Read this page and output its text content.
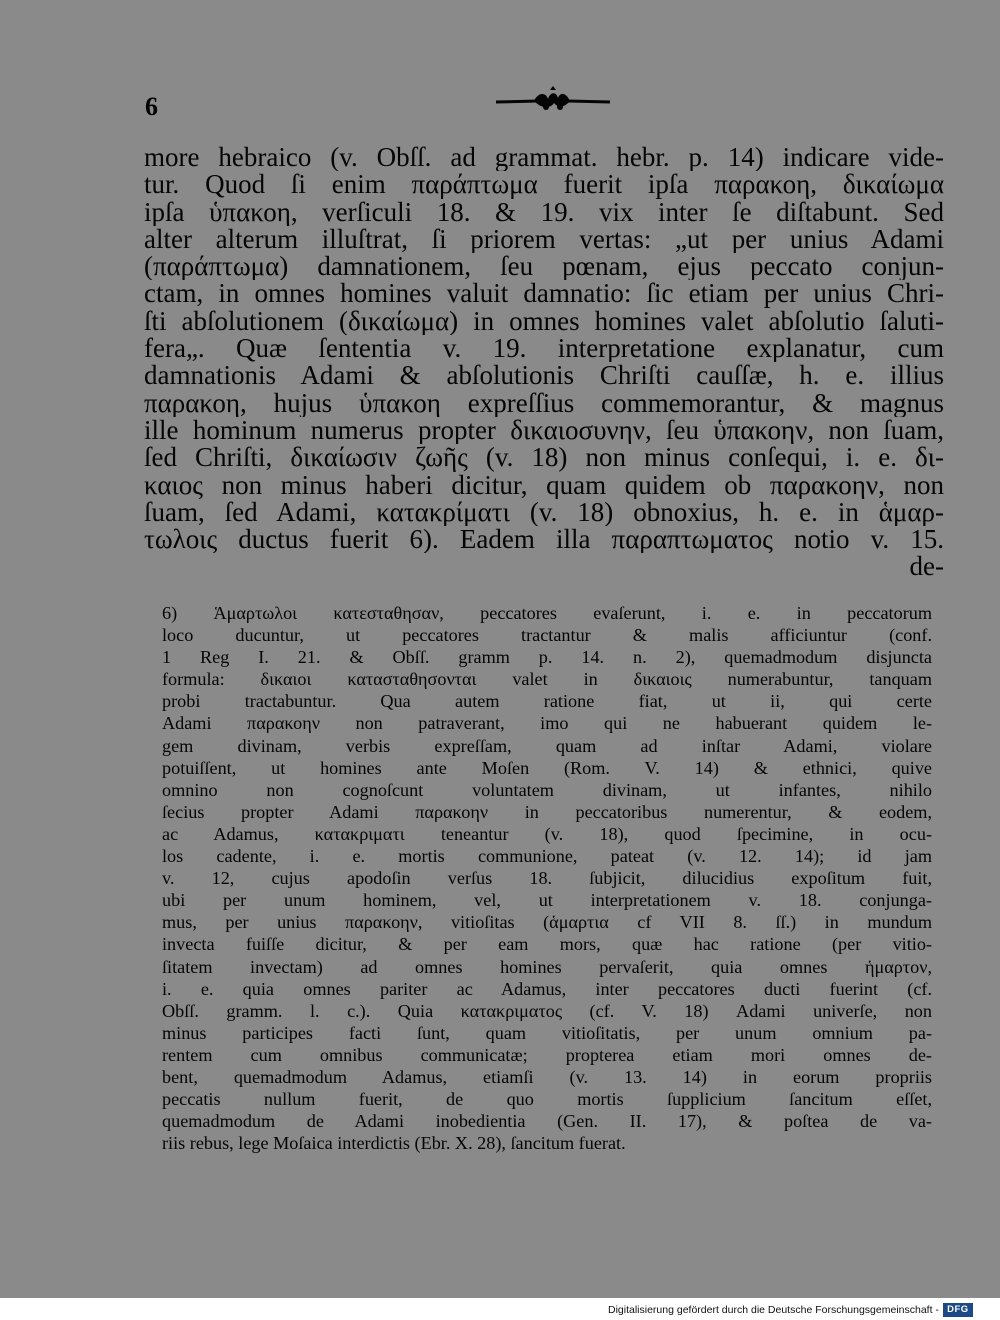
6
more hebraico (v. Obſſ. ad grammat. hebr. p. 14) indicare vide-
tur. Quod ſi enim παράπτωμα fuerit ipſa παρακοη, δικαίωμα
ipſa ὑπακοη, verſiculi 18. & 19. vix inter ſe diſtabunt. Sed
alter alterum illuſtrat, ſi priorem vertas: „ut per unius Adami
(παράπτωμα) damnationem, ſeu pœnam, ejus peccato conjun-
ctam, in omnes homines valuit damnatio: ſic etiam per unius Chri-
ſti abſolutionem (δικαίωμα) in omnes homines valet abſolutio ſaluti-
fera„. Quæ ſententia v. 19. interpretatione explanatur, cum
damnationis Adami & abſolutionis Chriſti cauſſæ, h. e. illius
παρακοη, hujus ὑπακοη expreſſius commemorantur, & magnus
ille hominum numerus propter δικαιοσυνην, ſeu ὑπακοην, non ſuam,
ſed Chriſti, δικαίωσιν ζωῆς (v. 18) non minus conſequi, i. e. δι-
καιος non minus haberi dicitur, quam quidem ob παρακοην, non
ſuam, ſed Adami, κατακρίματι (v. 18) obnoxius, h. e. in ἁμαρ-
τωλοις ductus fuerit 6). Eadem illa παραπτωματος notio v. 15.
de-
6) Ἁμαρτωλοι κατεσταθησαν, peccatores evaſerunt, i. e. in peccatorum
loco ducuntur, ut peccatores tractantur & malis afficiuntur (conf.
1 Reg I. 21. & Obſſ. gramm p. 14. n. 2), quemadmodum disjuncta
formula: δικαιοι κατασταθησονται valet in δικαιοις numerabuntur, tanquam
probi tractabuntur. Qua autem ratione fiat, ut ii, qui certe
Adami παρακοην non patraverant, imo qui ne habuerant quidem le-
gem divinam, verbis expreſſam, quam ad inſtar Adami, violare
potuiſſent, ut homines ante Moſen (Rom. V. 14) & ethnici, quive
omnino non cognoſcunt voluntatem divinam, ut infantes, nihilo
ſecius propter Adami παρακοην in peccatoribus numerentur, & eodem,
ac Adamus, κατακριματι teneantur (v. 18), quod ſpecimine, in ocu-
los cadente, i. e. mortis communione, pateat (v. 12. 14); id jam
v. 12, cujus apodoſin verſus 18. ſubjicit, dilucidius expoſitum fuit,
ubi per unum hominem, vel, ut interpretationem v. 18. conjunga-
mus, per unius παρακοην, vitioſitas (ἁμαρτια cf VII 8. ſſ.) in mundum
invecta fuiſſe dicitur, & per eam mors, quæ hac ratione (per vitio-
ſitatem invectam) ad omnes homines pervaſerit, quia omnes ἡμαρτον,
i. e. quia omnes pariter ac Adamus, inter peccatores ducti fuerint (cf.
Obſſ. gramm. l. c.). Quia κατακριματος (cf. V. 18) Adami univerſe, non
minus participes facti ſunt, quam vitioſitatis, per unum omnium pa-
rentem cum omnibus communicatæ; propterea etiam mori omnes de-
bent, quemadmodum Adamus, etiamſi (v. 13. 14) in eorum propriis
peccatis nullum fuerit, de quo mortis ſupplicium ſancitum eſſet,
quemadmodum de Adami inobedientia (Gen. II. 17), & poſtea de va-
riis rebus, lege Moſaica interdictis (Ebr. X. 28), ſancitum fuerat.
Digitalisierung gefördert durch die Deutsche Forschungsgemeinschaft - DFG
